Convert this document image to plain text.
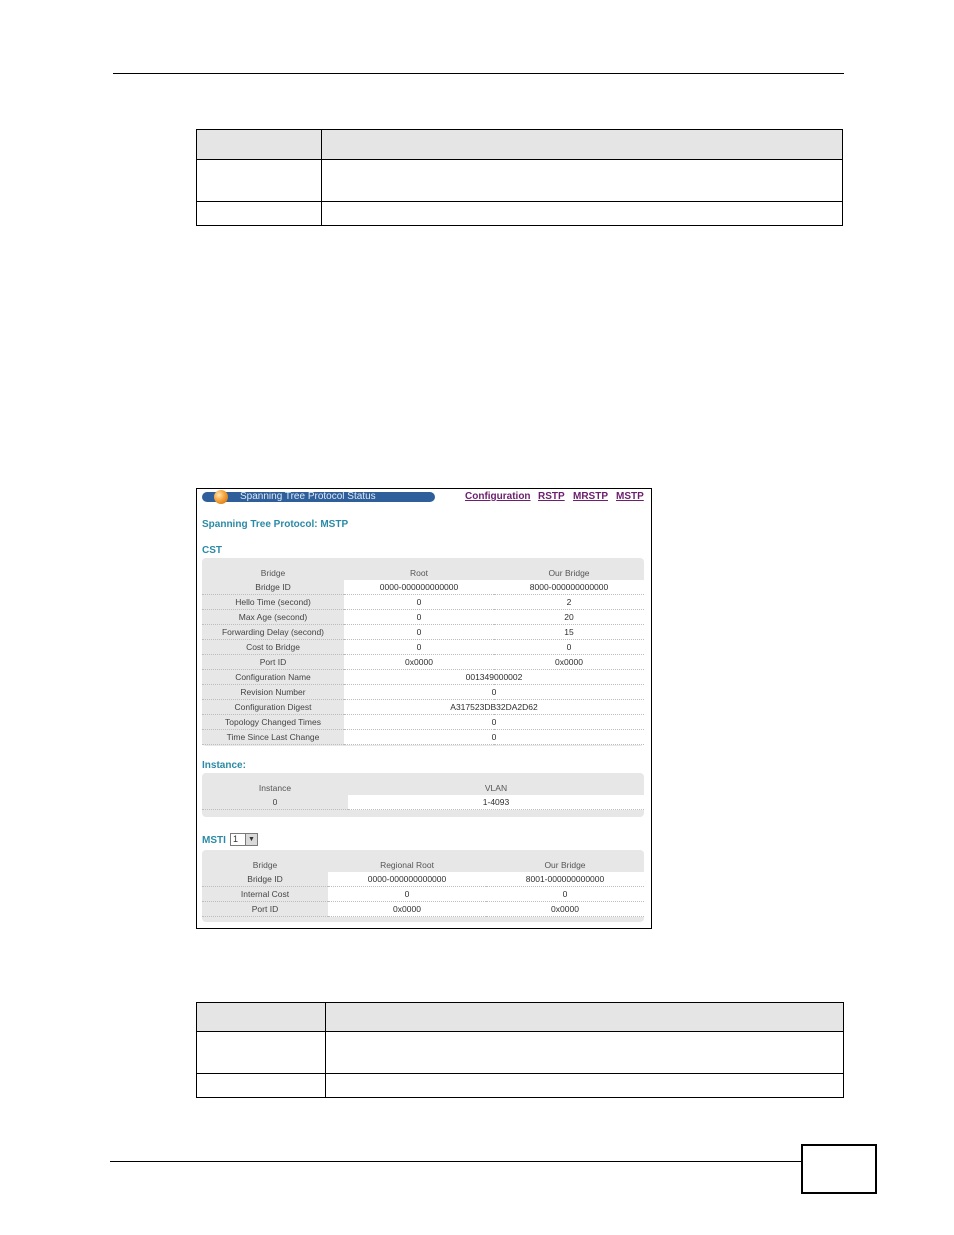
Spanning Tree Protocol Status	Configuration RSTP MRSTP MSTP
Spanning Tree Protocol: MSTP
CST
Bridge	Root	Our Bridge
Bridge ID	0000-000000000000	8000-000000000000
Hello Time (second)	0	2
Max Age (second)	0	20
Forwarding Delay (second)	0	15
Cost to Bridge	0	0
Port ID	0x0000	0x0000
Configuration Name	001349000002	
Revision Number	0	
Configuration Digest	A317523DB32DA2D62	
Topology Changed Times	0	
Time Since Last Change	0	
Instance:
Instance	VLAN
0	1-4093
MSTI 1	▼
Bridge	Regional Root	Our Bridge
Bridge ID	0000-000000000000	8001-000000000000
Internal Cost	0	0
Port ID	0x0000	0x0000
